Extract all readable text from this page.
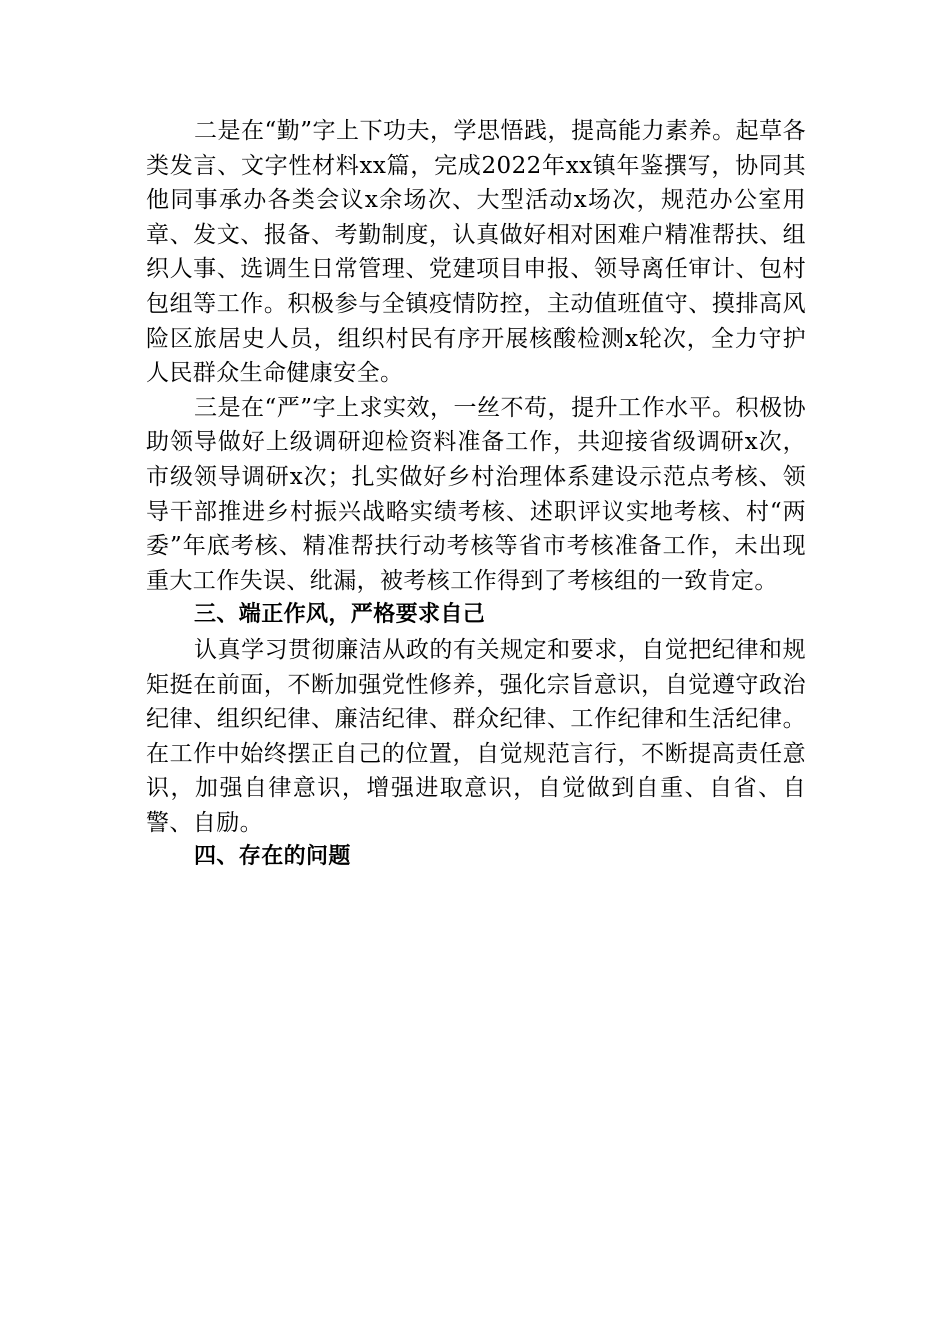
二是在“勤”字上下功夫，学思悟践，提高能力素养。起草各类发言、文字性材料xx篇，完成2022年xx镇年鉴撰写，协同其他同事承办各类会议x余场次、大型活动x场次，规范办公室用章、发文、报备、考勤制度，认真做好相对困难户精准帮扶、组织人事、选调生日常管理、党建项目申报、领导离任审计、包村包组等工作。积极参与全镇疫情防控，主动值班值守、摸排高风险区旅居史人员，组织村民有序开展核酸检测x轮次，全力守护人民群众生命健康安全。

三是在“严”字上求实效，一丝不苟，提升工作水平。积极协助领导做好上级调研迎检资料准备工作，共迎接省级调研x次，市级领导调研x次；扎实做好乡村治理体系建设示范点考核、领导干部推进乡村振兴战略实绩考核、述职评议实地考核、村“两委”年底考核、精准帮扶行动考核等省市考核准备工作，未出现重大工作失误、纰漏，被考核工作得到了考核组的一致肯定。

三、端正作风，严格要求自己

认真学习贯彻廉洁从政的有关规定和要求，自觉把纪律和规矩挺在前面，不断加强党性修养，强化宗旨意识，自觉遵守政治纪律、组织纪律、廉洁纪律、群众纪律、工作纪律和生活纪律。在工作中始终摆正自己的位置，自觉规范言行，不断提高责任意识，加强自律意识，增强进取意识，自觉做到自重、自省、自警、自励。

四、存在的问题
